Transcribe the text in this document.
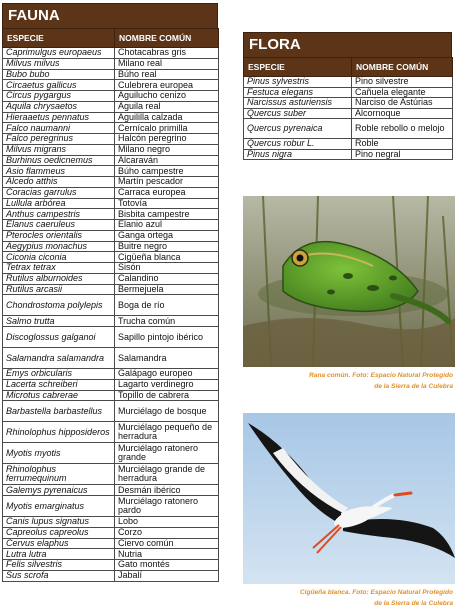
FAUNA
ESPECIE	NOMBRE COMÚN
Caprimulgus europaeus	Chotacabras gris
Milvus milvus	Milano real
Bubo bubo	Búho real
Circaetus gallicus	Culebrera europea
Circus pygargus	Aguilucho cenizo
Aquila chrysaetos	Águila real
Hieraaetus pennatus	Aguililla calzada
Falco naumanni	Cernícalo primilla
Falco peregrinus	Halcón peregrino
Milvus migrans	Milano negro
Burhinus oedicnemus	Alcaraván
Asio flammeus	Búho campestre
Alcedo atthis	Martín pescador
Coracias garrulus	Carraca europea
Lullula arbórea	Totovía
Anthus campestris	Bisbita campestre
Elanus caeruleus	Elanio azul
Pterocles orientalis	Ganga ortega
Aegypius monachus	Buitre negro
Ciconia ciconia	Cigüeña blanca
Tetrax tetrax	Sisón
Rutilus alburnoides	Calandino
Rutilus arcasii	Bermejuela
Chondrostoma polylepis	Boga de río
Salmo trutta	Trucha común
Discoglossus galganoi	Sapillo pintojo ibérico
Salamandra salamandra	Salamandra
Emys orbicularis	Galápago europeo
Lacerta schreiberi	Lagarto verdinegro
Microtus cabrerae	Topillo de cabrera
Barbastella barbastellus	Murciélago de bosque
Rhinolophus hipposideros	Murciélago pequeño de herradura
Myotis myotis	Murciélago ratonero grande
Rhinolophus ferrumequinum	Murciélago grande de herradura
Galemys pyrenaicus	Desmán ibérico
Myotis emarginatus	Murciélago ratonero pardo
Canis lupus signatus	Lobo
Capreolus capreolus	Corzo
Cervus elaphus	Ciervo común
Lutra lutra	Nutria
Felis silvestris	Gato montés
Sus scrofa	Jabalí
FLORA
ESPECIE	NOMBRE COMÚN
Pinus sylvestris	Pino silvestre
Festuca elegans	Cañuela elegante
Narcissus asturiensis	Narciso de Astúrias
Quercus suber	Alcornoque
Quercus pyrenaica	Roble rebollo o melojo
Quercus robur L.	Roble
Pinus nigra	Pino negral
Rana común. Foto: Espacio Natural Protegido
de la Sierra de la Culebra
Cigüeña blanca. Foto: Espacio Natural Protegido
de la Sierra de la Culebra
